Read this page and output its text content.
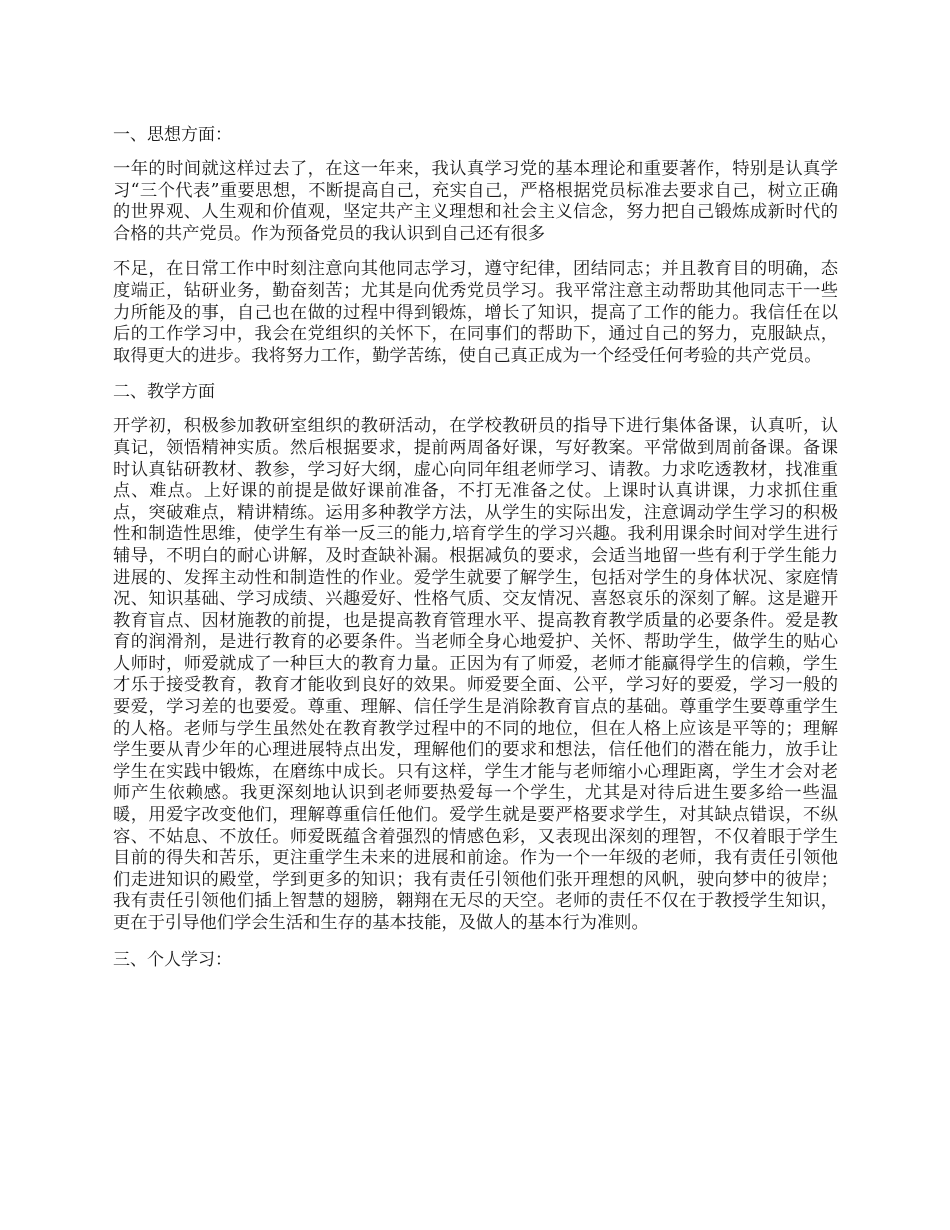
一、思想方面：

一年的时间就这样过去了，在这一年来，我认真学习党的基本理论和重要著作，特别是认真学习“三个代表”重要思想，不断提高自己，充实自己，严格根据党员标准去要求自己，树立正确的世界观、人生观和价值观，坚定共产主义理想和社会主义信念，努力把自己锻炼成新时代的合格的共产党员。作为预备党员的我认识到自己还有很多

不足，在日常工作中时刻注意向其他同志学习，遵守纪律，团结同志；并且教育目的明确，态度端正，钻研业务，勤奋刻苦；尤其是向优秀党员学习。我平常注意主动帮助其他同志干一些力所能及的事，自己也在做的过程中得到锻炼，增长了知识，提高了工作的能力。我信任在以后的工作学习中，我会在党组织的关怀下，在同事们的帮助下，通过自己的努力，克服缺点，取得更大的进步。我将努力工作，勤学苦练，使自己真正成为一个经受任何考验的共产党员。

二、教学方面

开学初，积极参加教研室组织的教研活动，在学校教研员的指导下进行集体备课，认真听，认真记，领悟精神实质。然后根据要求，提前两周备好课，写好教案。平常做到周前备课。备课时认真钻研教材、教参，学习好大纲，虚心向同年组老师学习、请教。力求吃透教材，找准重点、难点。上好课的前提是做好课前准备，不打无准备之仗。上课时认真讲课，力求抓住重点，突破难点，精讲精练。运用多种教学方法，从学生的实际出发，注意调动学生学习的积极性和制造性思维，使学生有举一反三的能力,培育学生的学习兴趣。我利用课余时间对学生进行辅导，不明白的耐心讲解，及时查缺补漏。根据减负的要求，会适当地留一些有利于学生能力进展的、发挥主动性和制造性的作业。爱学生就要了解学生，包括对学生的身体状况、家庭情况、知识基础、学习成绩、兴趣爱好、性格气质、交友情况、喜怒哀乐的深刻了解。这是避开教育盲点、因材施教的前提，也是提高教育管理水平、提高教育教学质量的必要条件。爱是教育的润滑剂，是进行教育的必要条件。当老师全身心地爱护、关怀、帮助学生，做学生的贴心人师时，师爱就成了一种巨大的教育力量。正因为有了师爱，老师才能赢得学生的信赖，学生才乐于接受教育，教育才能收到良好的效果。师爱要全面、公平，学习好的要爱，学习一般的要爱，学习差的也要爱。尊重、理解、信任学生是消除教育盲点的基础。尊重学生要尊重学生的人格。老师与学生虽然处在教育教学过程中的不同的地位，但在人格上应该是平等的；理解学生要从青少年的心理进展特点出发，理解他们的要求和想法，信任他们的潜在能力，放手让学生在实践中锻炼，在磨练中成长。只有这样，学生才能与老师缩小心理距离，学生才会对老师产生依赖感。我更深刻地认识到老师要热爱每一个学生，尤其是对待后进生要多给一些温暖，用爱字改变他们，理解尊重信任他们。爱学生就是要严格要求学生，对其缺点错误，不纵容、不姑息、不放任。师爱既蕴含着强烈的情感色彩，又表现出深刻的理智，不仅着眼于学生目前的得失和苦乐，更注重学生未来的进展和前途。作为一个一年级的老师，我有责任引领他们走进知识的殿堂，学到更多的知识；我有责任引领他们张开理想的风帆，驶向梦中的彼岸；我有责任引领他们插上智慧的翅膀，翱翔在无尽的天空。老师的责任不仅在于教授学生知识，更在于引导他们学会生活和生存的基本技能，及做人的基本行为准则。

三、个人学习：
